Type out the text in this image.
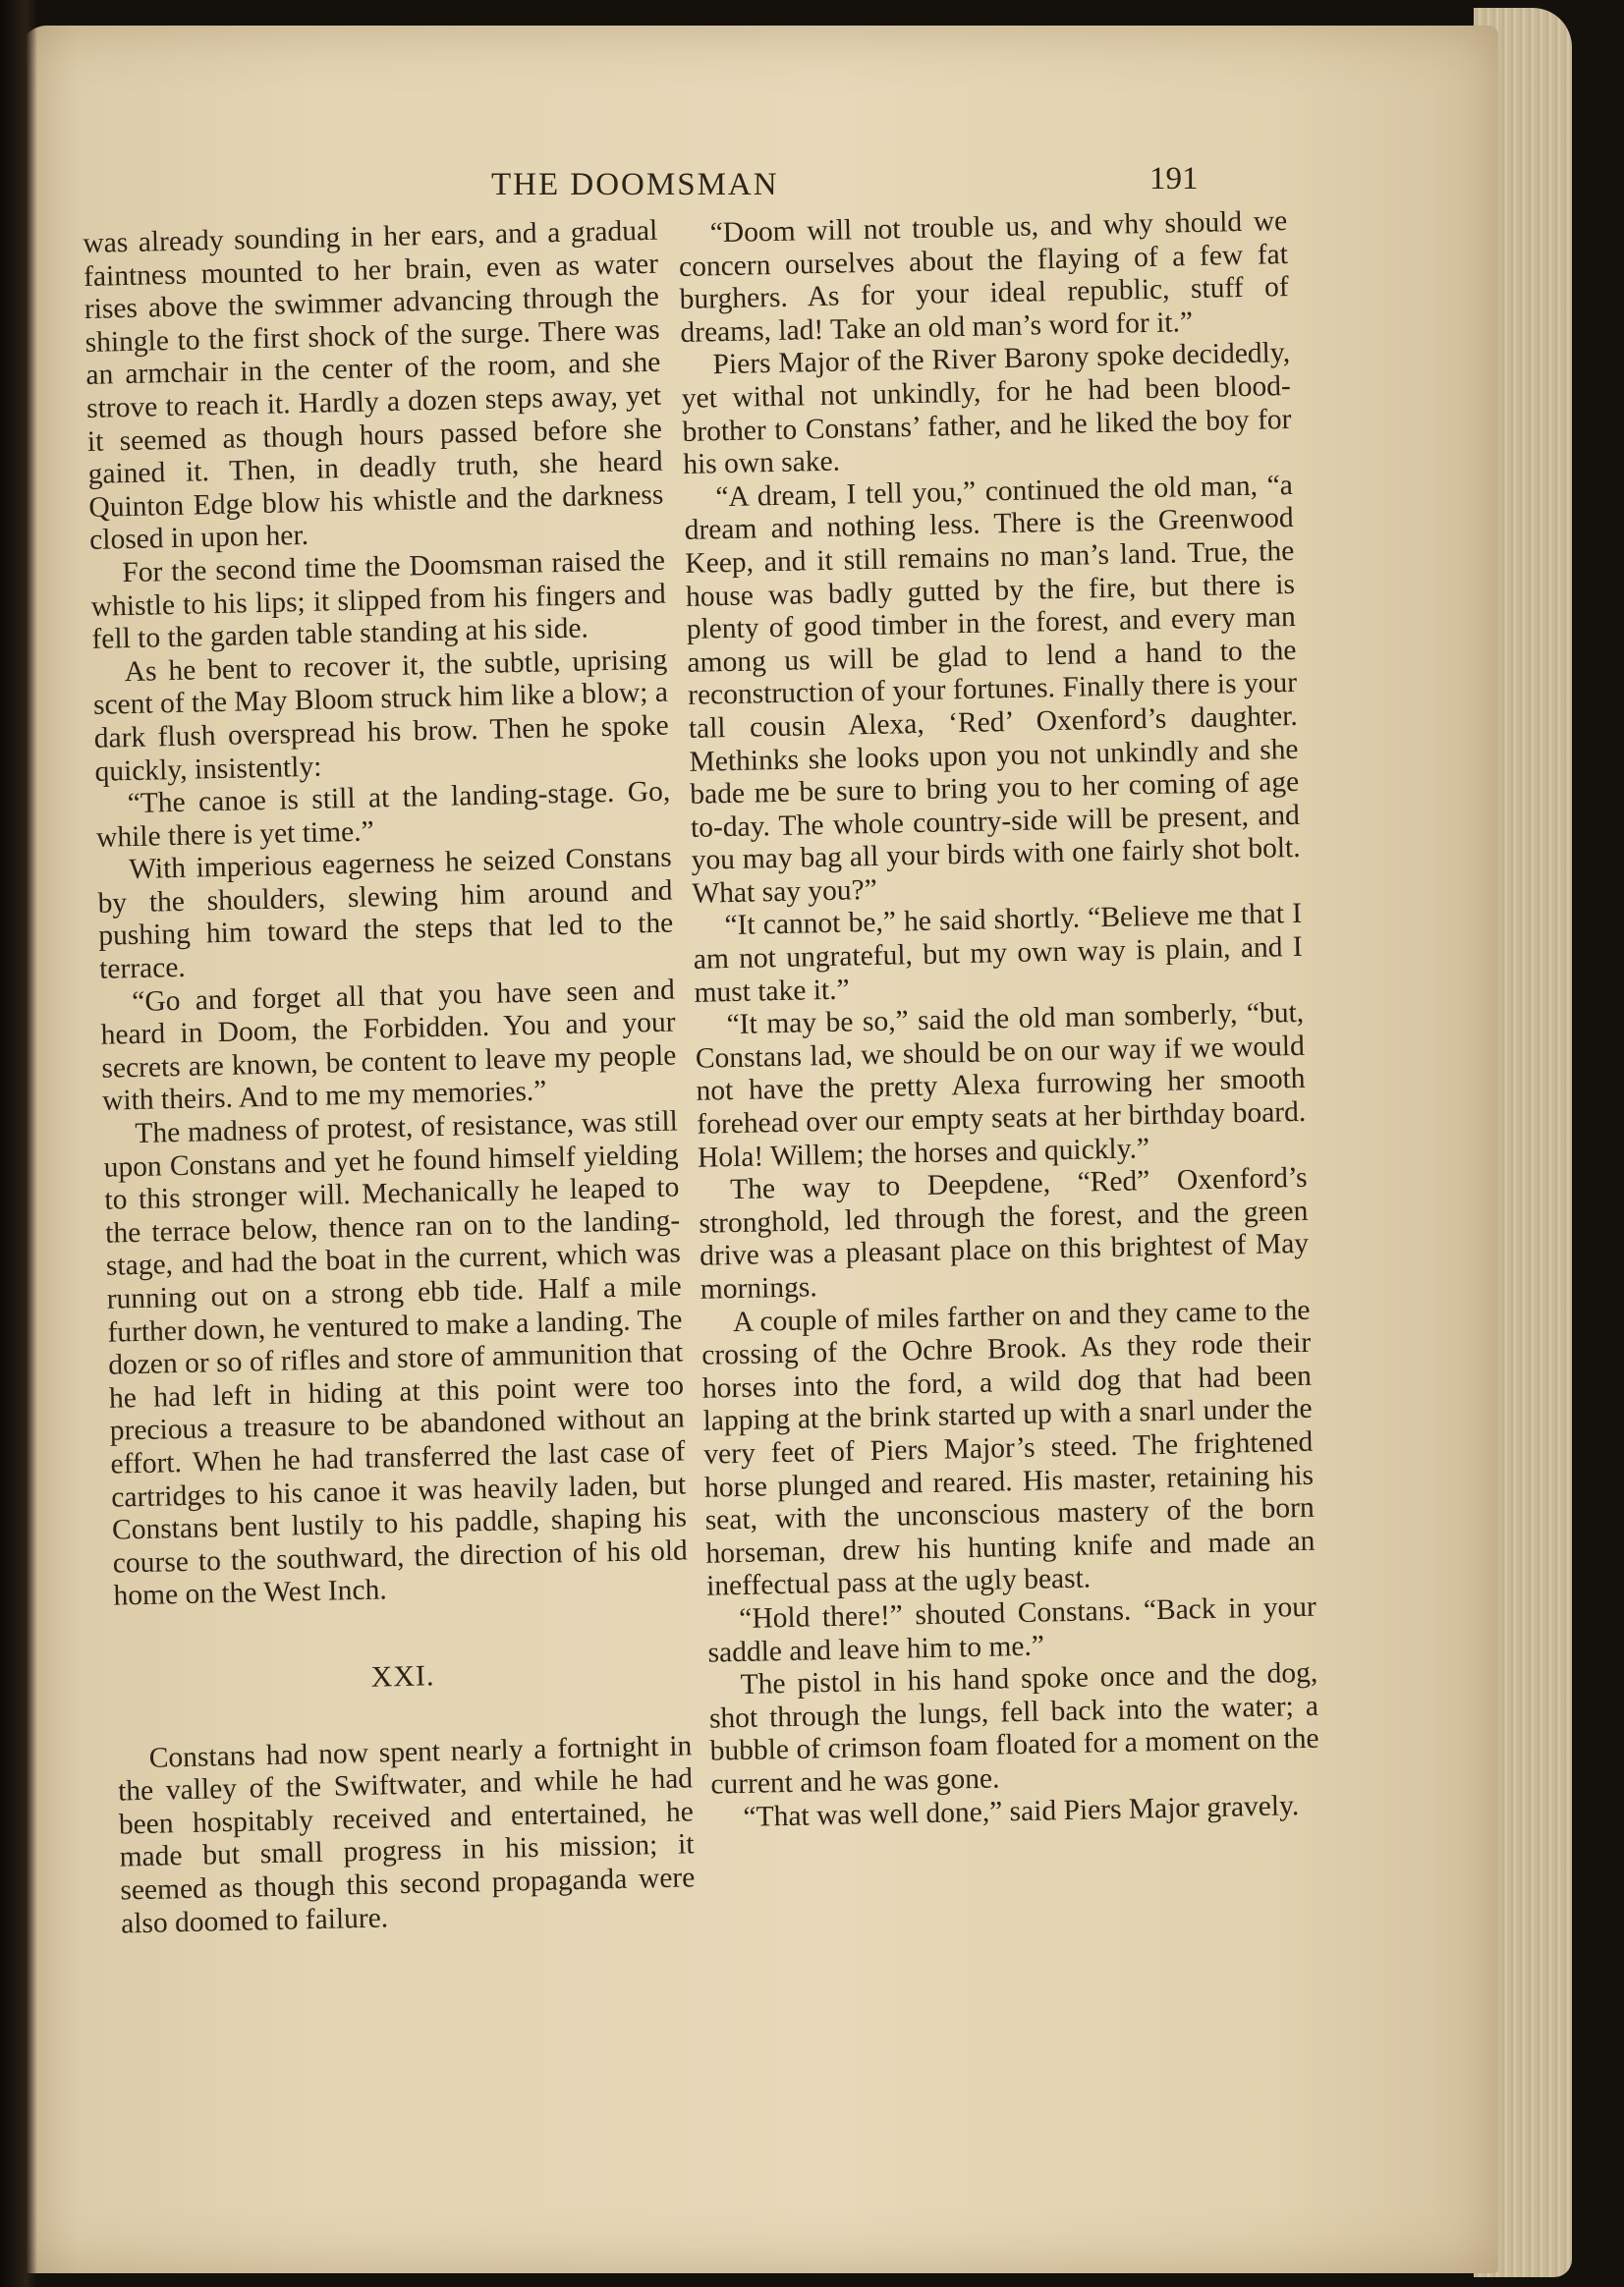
THE DOOMSMAN	191

was already sounding in her ears, and a gradual faintness mounted to her brain, even as water rises above the swimmer advancing through the shingle to the first shock of the surge. There was an armchair in the center of the room, and she strove to reach it. Hardly a dozen steps away, yet it seemed as though hours passed before she gained it. Then, in deadly truth, she heard Quinton Edge blow his whistle and the darkness closed in upon her.

For the second time the Doomsman raised the whistle to his lips; it slipped from his fingers and fell to the garden table standing at his side.

As he bent to recover it, the subtle, uprising scent of the May Bloom struck him like a blow; a dark flush overspread his brow. Then he spoke quickly, insistently:

“The canoe is still at the landing-stage. Go, while there is yet time.”

With imperious eagerness he seized Constans by the shoulders, slewing him around and pushing him toward the steps that led to the terrace.

“Go and forget all that you have seen and heard in Doom, the Forbidden. You and your secrets are known, be content to leave my people with theirs. And to me my memories.”

The madness of protest, of resistance, was still upon Constans and yet he found himself yielding to this stronger will. Mechanically he leaped to the terrace below, thence ran on to the landing-stage, and had the boat in the current, which was running out on a strong ebb tide. Half a mile further down, he ventured to make a landing. The dozen or so of rifles and store of ammunition that he had left in hiding at this point were too precious a treasure to be abandoned without an effort. When he had transferred the last case of cartridges to his canoe it was heavily laden, but Constans bent lustily to his paddle, shaping his course to the southward, the direction of his old home on the West Inch.

XXI.

Constans had now spent nearly a fortnight in the valley of the Swiftwater, and while he had been hospitably received and entertained, he made but small progress in his mission; it seemed as though this second propaganda were also doomed to failure.

“Doom will not trouble us, and why should we concern ourselves about the flaying of a few fat burghers. As for your ideal republic, stuff of dreams, lad! Take an old man’s word for it.”

Piers Major of the River Barony spoke decidedly, yet withal not unkindly, for he had been blood-brother to Constans’ father, and he liked the boy for his own sake.

“A dream, I tell you,” continued the old man, “a dream and nothing less. There is the Greenwood Keep, and it still remains no man’s land. True, the house was badly gutted by the fire, but there is plenty of good timber in the forest, and every man among us will be glad to lend a hand to the reconstruction of your fortunes. Finally there is your tall cousin Alexa, ‘Red’ Oxenford’s daughter. Methinks she looks upon you not unkindly and she bade me be sure to bring you to her coming of age to-day. The whole country-side will be present, and you may bag all your birds with one fairly shot bolt. What say you?”

“It cannot be,” he said shortly. “Believe me that I am not ungrateful, but my own way is plain, and I must take it.”

“It may be so,” said the old man somberly, “but, Constans lad, we should be on our way if we would not have the pretty Alexa furrowing her smooth forehead over our empty seats at her birthday board. Hola! Willem; the horses and quickly.”

The way to Deepdene, “Red” Oxenford’s stronghold, led through the forest, and the green drive was a pleasant place on this brightest of May mornings.

A couple of miles farther on and they came to the crossing of the Ochre Brook. As they rode their horses into the ford, a wild dog that had been lapping at the brink started up with a snarl under the very feet of Piers Major’s steed. The frightened horse plunged and reared. His master, retaining his seat, with the unconscious mastery of the born horseman, drew his hunting knife and made an ineffectual pass at the ugly beast.

“Hold there!” shouted Constans. “Back in your saddle and leave him to me.”

The pistol in his hand spoke once and the dog, shot through the lungs, fell back into the water; a bubble of crimson foam floated for a moment on the current and he was gone.

“That was well done,” said Piers Major gravely.
